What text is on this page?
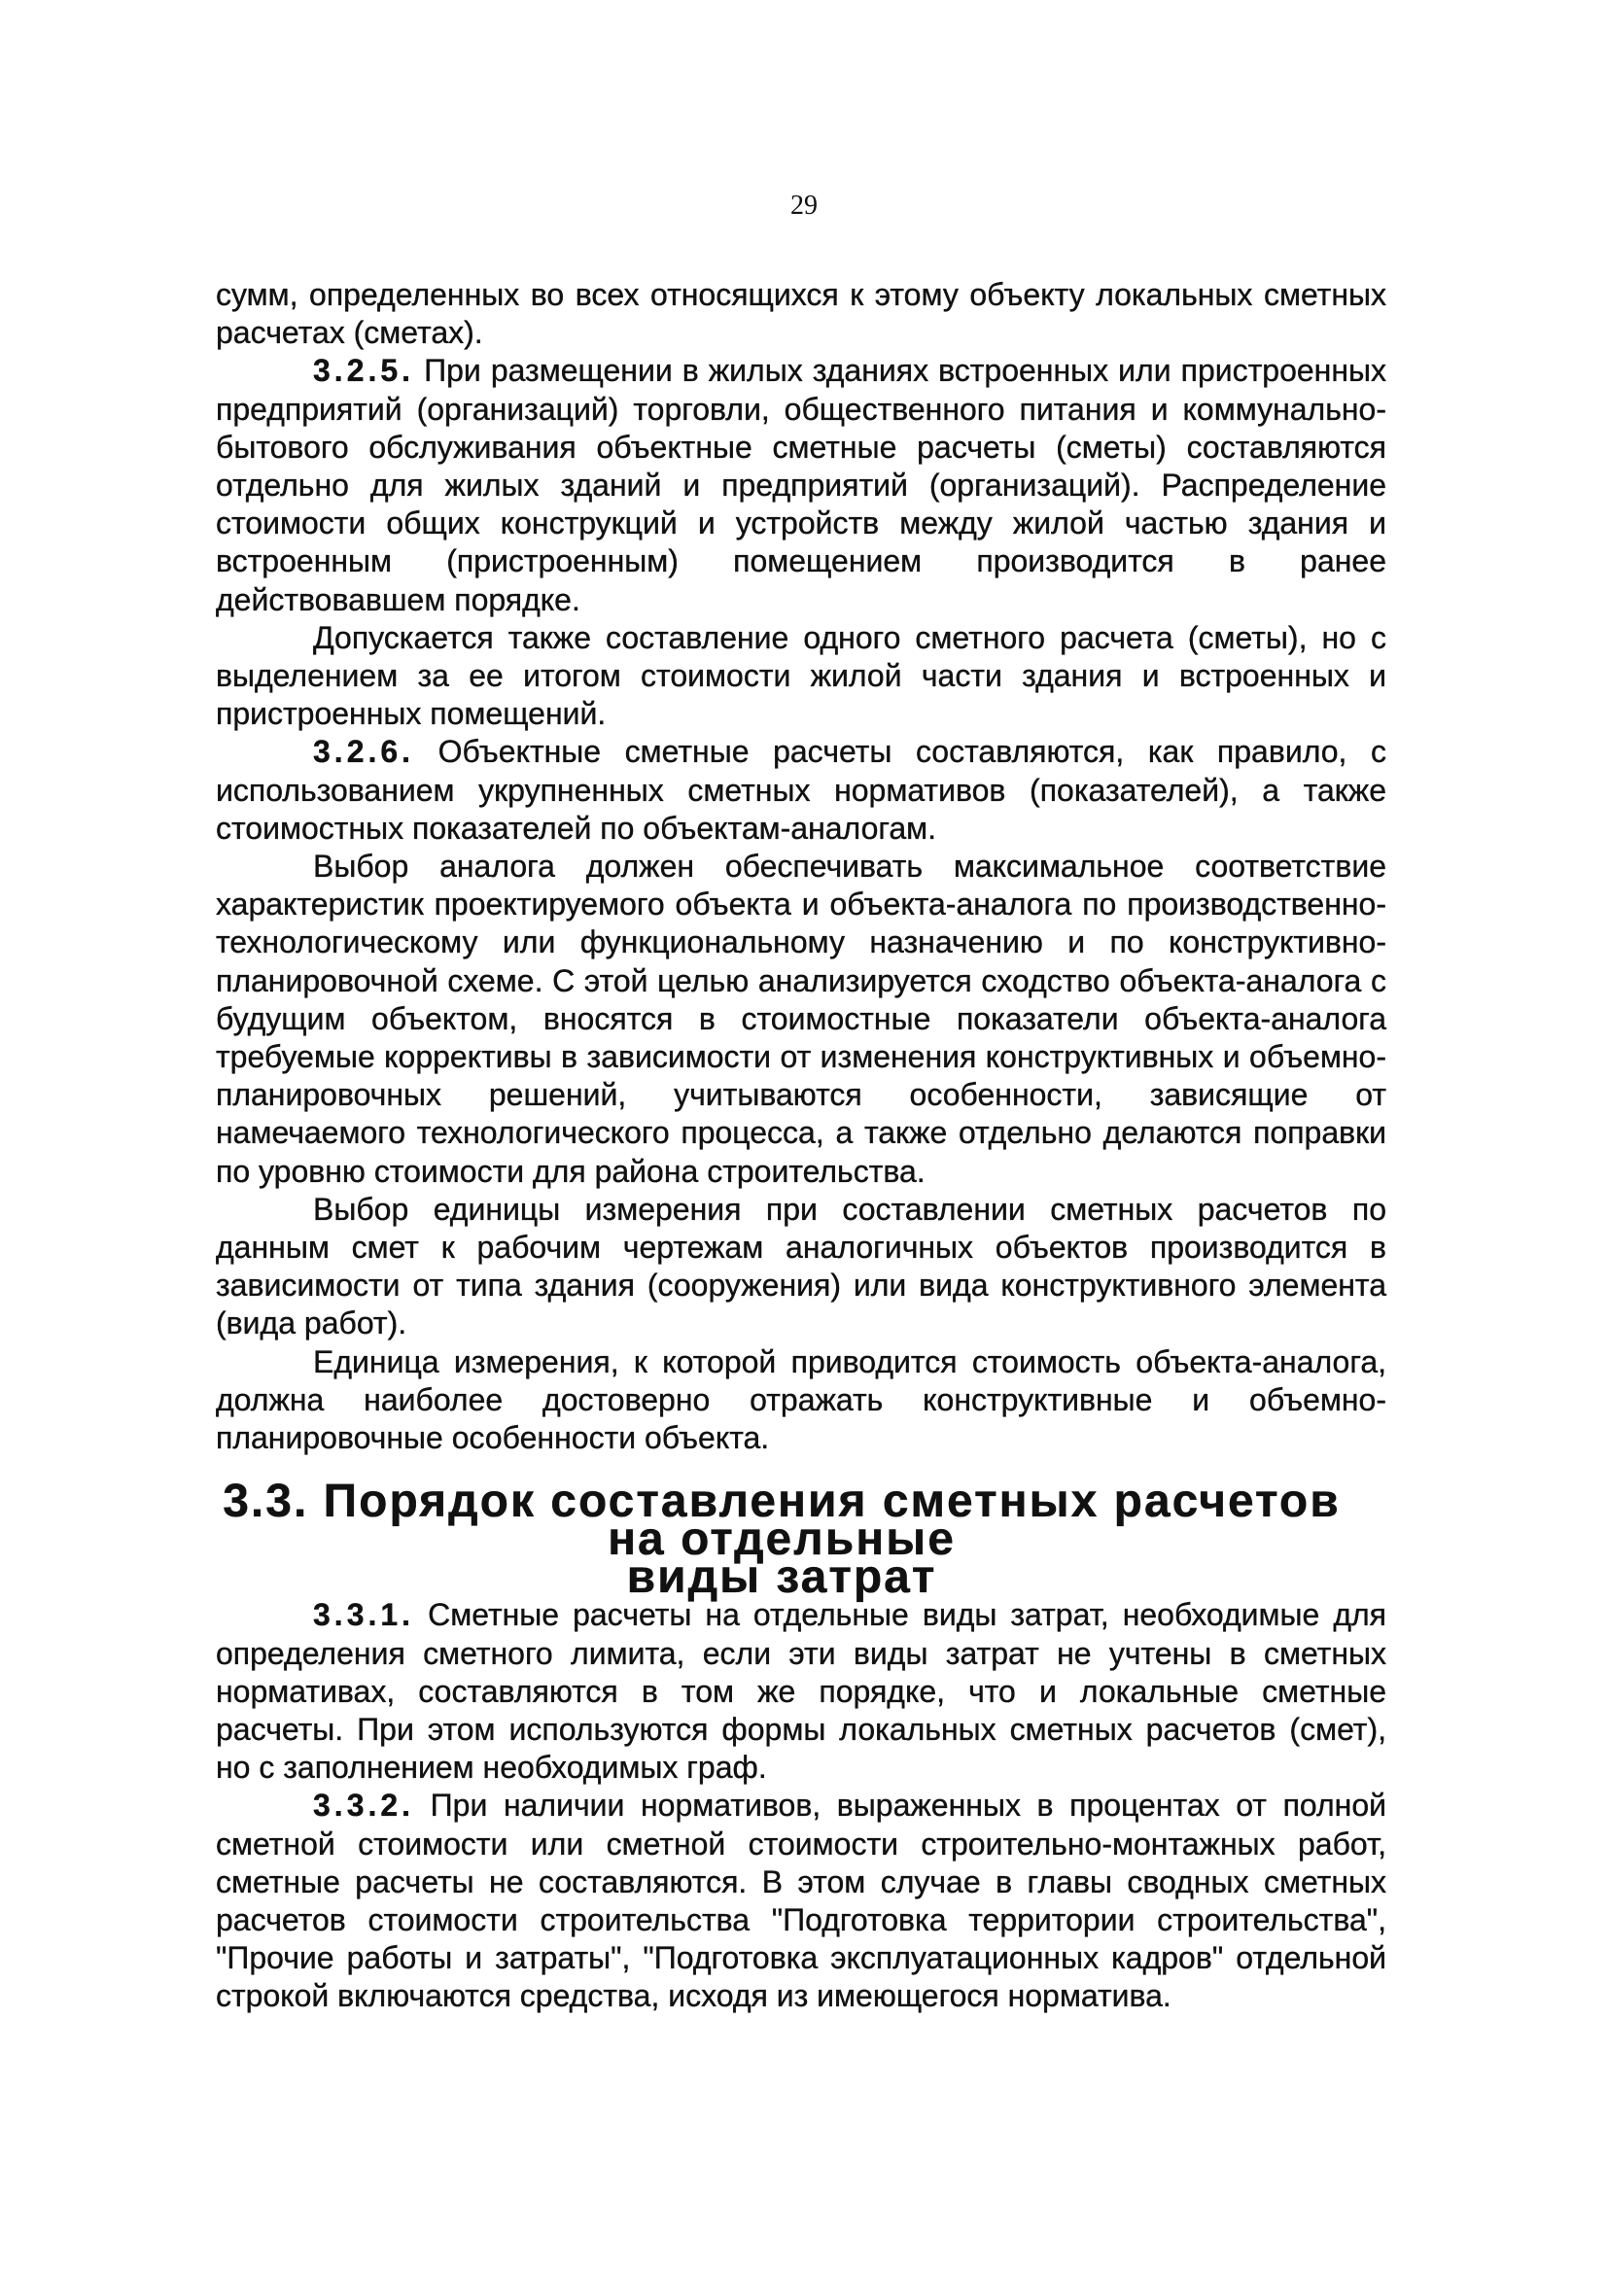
29

сумм, определенных во всех относящихся к этому объекту локальных сметных расчетах (сметах).

3.2.5. При размещении в жилых зданиях встроенных или пристроенных предприятий (организаций) торговли, общественного питания и коммунально-бытового обслуживания объектные сметные расчеты (сметы) составляются отдельно для жилых зданий и предприятий (организаций). Распределение стоимости общих конструкций и устройств между жилой частью здания и встроенным (пристроенным) помещением производится в ранее действовавшем порядке.

Допускается также составление одного сметного расчета (сметы), но с выделением за ее итогом стоимости жилой части здания и встроенных и пристроенных помещений.

3.2.6. Объектные сметные расчеты составляются, как правило, с использованием укрупненных сметных нормативов (показателей), а также стоимостных показателей по объектам-аналогам.

Выбор аналога должен обеспечивать максимальное соответствие характеристик проектируемого объекта и объекта-аналога по производственно-технологическому или функциональному назначению и по конструктивно-планировочной схеме. С этой целью анализируется сходство объекта-аналога с будущим объектом, вносятся в стоимостные показатели объекта-аналога требуемые коррективы в зависимости от изменения конструктивных и объемно-планировочных решений, учитываются особенности, зависящие от намечаемого технологического процесса, а также отдельно делаются поправки по уровню стоимости для района строительства.

Выбор единицы измерения при составлении сметных расчетов по данным смет к рабочим чертежам аналогичных объектов производится в зависимости от типа здания (сооружения) или вида конструктивного элемента (вида работ).

Единица измерения, к которой приводится стоимость объекта-аналога, должна наиболее достоверно отражать конструктивные и объемно-планировочные особенности объекта.

3.3. Порядок составления сметных расчетов на отдельные
виды затрат

3.3.1. Сметные расчеты на отдельные виды затрат, необходимые для определения сметного лимита, если эти виды затрат не учтены в сметных нормативах, составляются в том же порядке, что и локальные сметные расчеты. При этом используются формы локальных сметных расчетов (смет), но с заполнением необходимых граф.

3.3.2. При наличии нормативов, выраженных в процентах от полной сметной стоимости или сметной стоимости строительно-монтажных работ, сметные расчеты не составляются. В этом случае в главы сводных сметных расчетов стоимости строительства "Подготовка территории строительства", "Прочие работы и затраты", "Подготовка эксплуатационных кадров" отдельной строкой включаются средства, исходя из имеющегося норматива.
